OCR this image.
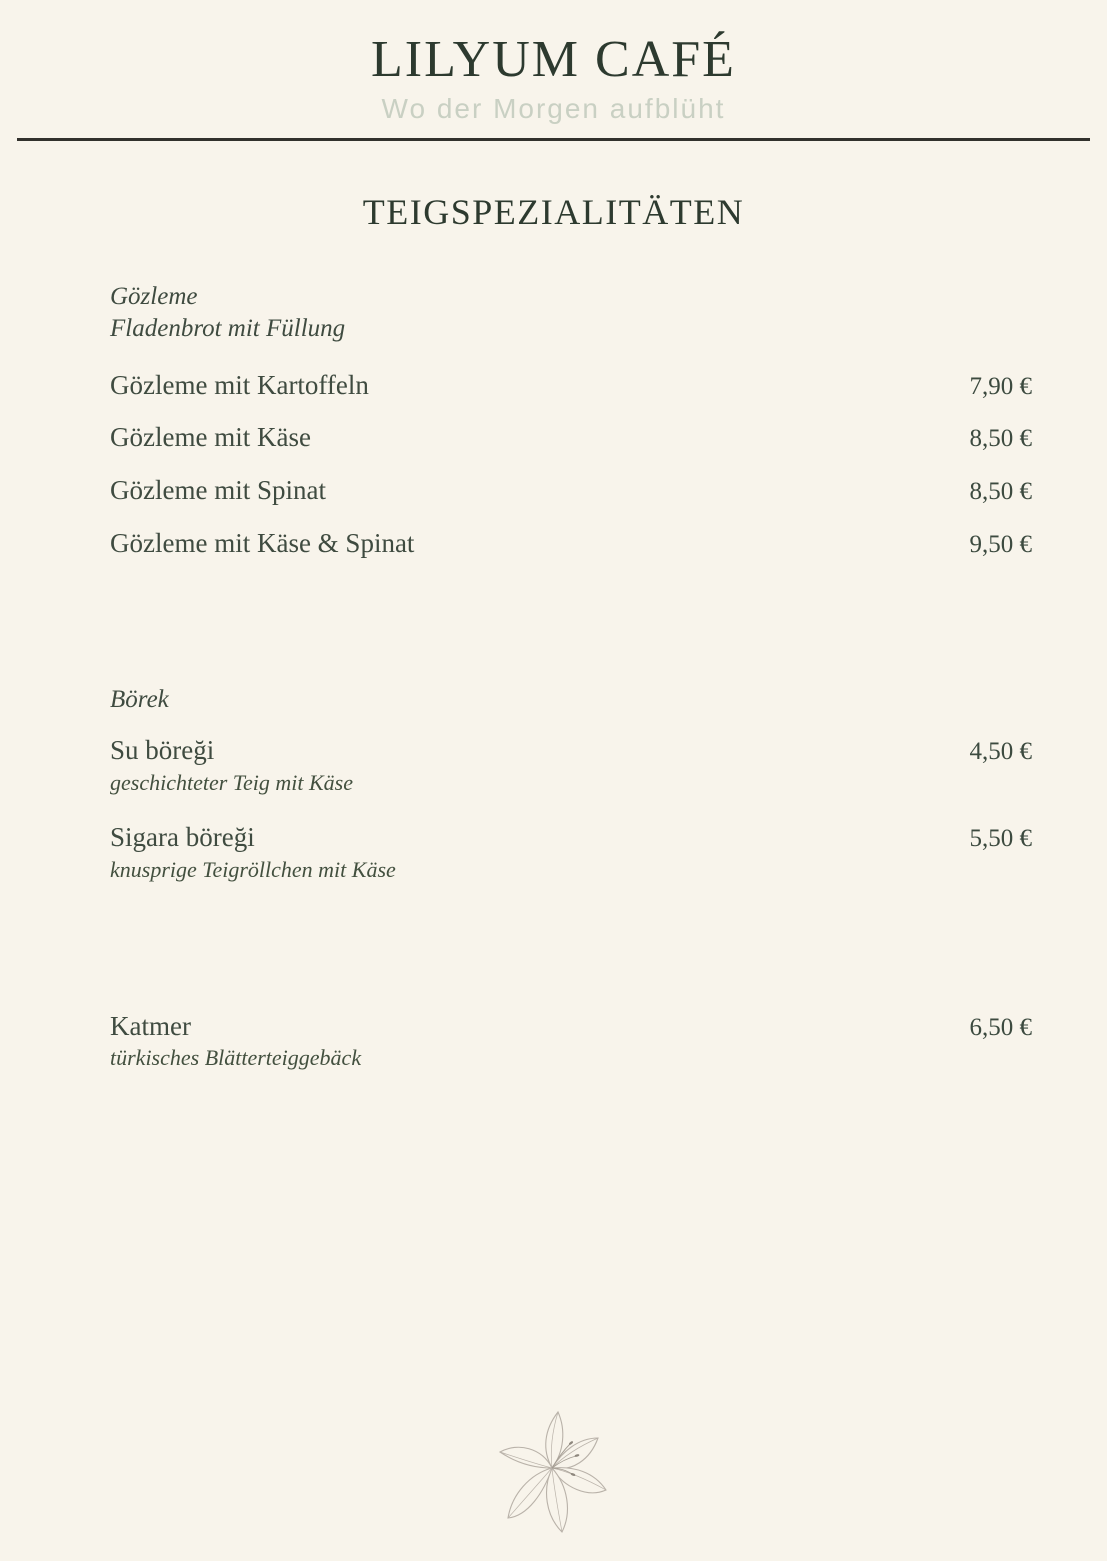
LILYUM CAFÉ
Wo der Morgen aufblüht
TEIGSPEZIALITÄTEN
Gözleme
Fladenbrot mit Füllung
Gözleme mit Kartoffeln	7,90 €
Gözleme mit Käse	8,50 €
Gözleme mit Spinat	8,50 €
Gözleme mit Käse & Spinat	9,50 €
Börek
Su böreği	4,50 €
geschichteter Teig mit Käse
Sigara böreği	5,50 €
knusprige Teigröllchen mit Käse
Katmer	6,50 €
türkisches Blätterteiggebäck
